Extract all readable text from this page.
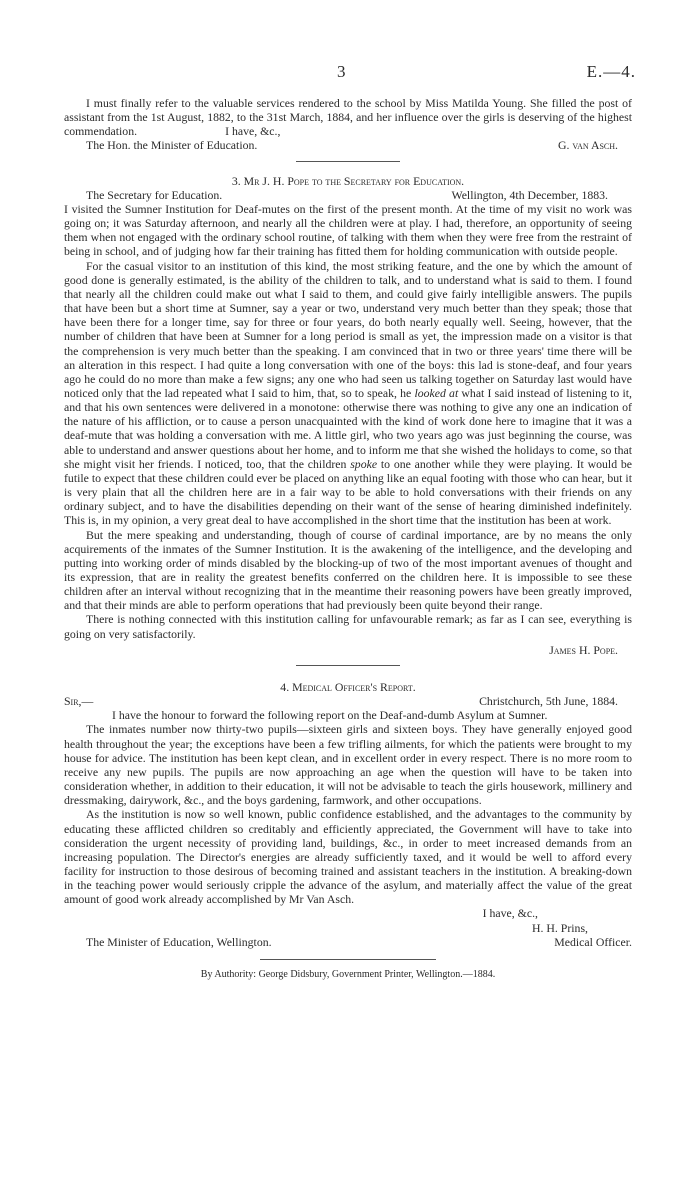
3	E.—4.

I must finally refer to the valuable services rendered to the school by Miss Matilda Young. She filled the post of assistant from the 1st August, 1882, to the 31st March, 1884, and her influence over the girls is deserving of the highest commendation.	I have, &c.,

The Hon. the Minister of Education.	G. van Asch.
3. Mr J. H. Pope to the Secretary for Education.
The Secretary for Education.	Wellington, 4th December, 1883.

I visited the Sumner Institution for Deaf-mutes on the first of the present month. At the time of my visit no work was going on; it was Saturday afternoon, and nearly all the children were at play. I had, therefore, an opportunity of seeing them when not engaged with the ordinary school routine, of talking with them when they were free from the restraint of being in school, and of judging how far their training has fitted them for holding communication with outside people.

For the casual visitor to an institution of this kind, the most striking feature, and the one by which the amount of good done is generally estimated, is the ability of the children to talk, and to understand what is said to them. I found that nearly all the children could make out what I said to them, and could give fairly intelligible answers. The pupils that have been but a short time at Sumner, say a year or two, understand very much better than they speak; those that have been there for a longer time, say for three or four years, do both nearly equally well. Seeing, however, that the number of children that have been at Sumner for a long period is small as yet, the impression made on a visitor is that the comprehension is very much better than the speaking. I am convinced that in two or three years' time there will be an alteration in this respect. I had quite a long conversation with one of the boys: this lad is stone-deaf, and four years ago he could do no more than make a few signs; any one who had seen us talking together on Saturday last would have noticed only that the lad repeated what I said to him, that, so to speak, he looked at what I said instead of listening to it, and that his own sentences were delivered in a monotone: otherwise there was nothing to give any one an indication of the nature of his affliction, or to cause a person unacquainted with the kind of work done here to imagine that it was a deaf-mute that was holding a conversation with me. A little girl, who two years ago was just beginning the course, was able to understand and answer questions about her home, and to inform me that she wished the holidays to come, so that she might visit her friends. I noticed, too, that the children spoke to one another while they were playing. It would be futile to expect that these children could ever be placed on anything like an equal footing with those who can hear, but it is very plain that all the children here are in a fair way to be able to hold conversations with their friends on any ordinary subject, and to have the disabilities depending on their want of the sense of hearing diminished indefinitely. This is, in my opinion, a very great deal to have accomplished in the short time that the institution has been at work.

But the mere speaking and understanding, though of course of cardinal importance, are by no means the only acquirements of the inmates of the Sumner Institution. It is the awakening of the intelligence, and the developing and putting into working order of minds disabled by the blocking-up of two of the most important avenues of thought and its expression, that are in reality the greatest benefits conferred on the children here. It is impossible to see these children after an interval without recognizing that in the meantime their reasoning powers have been greatly improved, and that their minds are able to perform operations that had previously been quite beyond their range.

There is nothing connected with this institution calling for unfavourable remark; as far as I can see, everything is going on very satisfactorily.

James H. Pope.
4. Medical Officer's Report.
Sir,—	Christchurch, 5th June, 1884.

I have the honour to forward the following report on the Deaf-and-dumb Asylum at Sumner.

The inmates number now thirty-two pupils—sixteen girls and sixteen boys. They have generally enjoyed good health throughout the year; the exceptions have been a few trifling ailments, for which the patients were brought to my house for advice. The institution has been kept clean, and in excellent order in every respect. There is no more room to receive any new pupils. The pupils are now approaching an age when the question will have to be taken into consideration whether, in addition to their education, it will not be advisable to teach the girls housework, millinery and dressmaking, dairywork, &c., and the boys gardening, farmwork, and other occupations.

As the institution is now so well known, public confidence established, and the advantages to the community by educating these afflicted children so creditably and efficiently appreciated, the Government will have to take into consideration the urgent necessity of providing land, buildings, &c., in order to meet increased demands from an increasing population. The Director's energies are already sufficiently taxed, and it would be well to afford every facility for instruction to those desirous of becoming trained and assistant teachers in the institution. A breaking-down in the teaching power would seriously cripple the advance of the asylum, and materially affect the value of the great amount of good work already accomplished by Mr Van Asch.

I have, &c.,
H. H. Prins,
The Minister of Education, Wellington.	Medical Officer.
By Authority: George Didsbury, Government Printer, Wellington.—1884.
